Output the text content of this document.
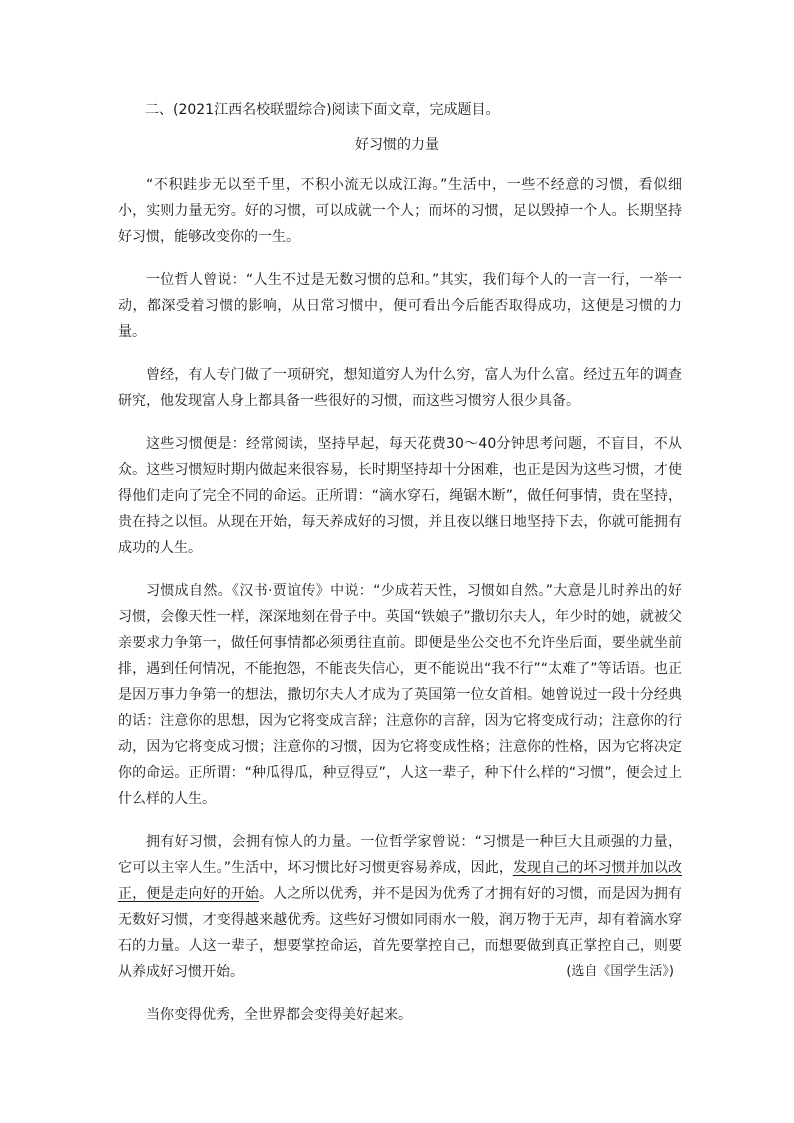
二、(2021江西名校联盟综合)阅读下面文章，完成题目。
好习惯的力量

“不积跬步无以至千里，不积小流无以成江海。”生活中，一些不经意的习惯，看似细小，实则力量无穷。好的习惯，可以成就一个人；而坏的习惯，足以毁掉一个人。长期坚持好习惯，能够改变你的一生。

一位哲人曾说：“人生不过是无数习惯的总和。”其实，我们每个人的一言一行，一举一动，都深受着习惯的影响，从日常习惯中，便可看出今后能否取得成功，这便是习惯的力量。

曾经，有人专门做了一项研究，想知道穷人为什么穷，富人为什么富。经过五年的调查研究，他发现富人身上都具备一些很好的习惯，而这些习惯穷人很少具备。

这些习惯便是：经常阅读，坚持早起，每天花费30～40分钟思考问题，不盲目，不从众。这些习惯短时期内做起来很容易，长时期坚持却十分困难，也正是因为这些习惯，才使得他们走向了完全不同的命运。正所谓：“滴水穿石，绳锯木断”，做任何事情，贵在坚持，贵在持之以恒。从现在开始，每天养成好的习惯，并且夜以继日地坚持下去，你就可能拥有成功的人生。

习惯成自然。《汉书·贾谊传》中说：“少成若天性，习惯如自然。”大意是儿时养出的好习惯，会像天性一样，深深地刻在骨子中。英国“铁娘子”撒切尔夫人，年少时的她，就被父亲要求力争第一，做任何事情都必须勇往直前。即便是坐公交也不允许坐后面，要坐就坐前排，遇到任何情况，不能抱怨，不能丧失信心，更不能说出“我不行”“太难了”等话语。也正是因万事力争第一的想法，撒切尔夫人才成为了英国第一位女首相。她曾说过一段十分经典的话：注意你的思想，因为它将变成言辞；注意你的言辞，因为它将变成行动；注意你的行动，因为它将变成习惯；注意你的习惯，因为它将变成性格；注意你的性格，因为它将决定你的命运。正所谓：“种瓜得瓜，种豆得豆”，人这一辈子，种下什么样的“习惯”，便会过上什么样的人生。

拥有好习惯，会拥有惊人的力量。一位哲学家曾说：“习惯是一种巨大且顽强的力量，它可以主宰人生。”生活中，坏习惯比好习惯更容易养成，因此，发现自己的坏习惯并加以改正，便是走向好的开始。人之所以优秀，并不是因为优秀了才拥有好的习惯，而是因为拥有无数好习惯，才变得越来越优秀。这些好习惯如同雨水一般，润万物于无声，却有着滴水穿石的力量。人这一辈子，想要掌控命运，首先要掌控自己，而想要做到真正掌控自己，则要从养成好习惯开始。

当你变得优秀，全世界都会变得美好起来。

(选自《国学生活》)
